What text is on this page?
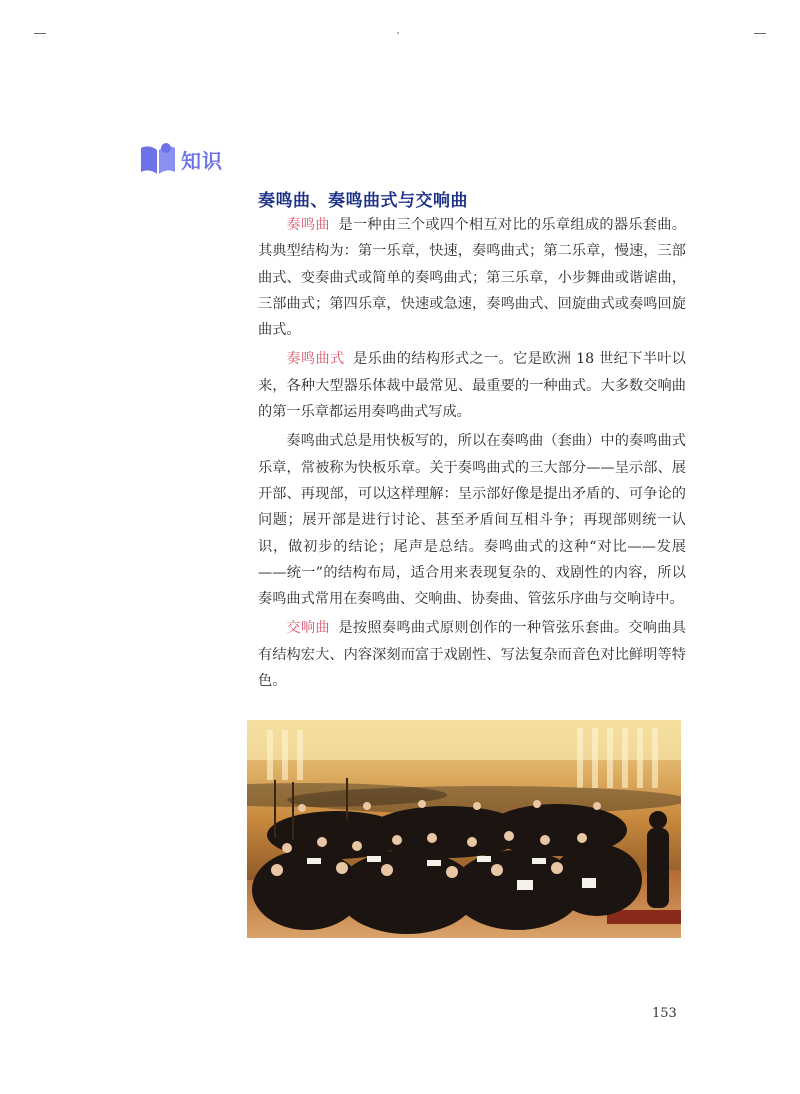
知识
奏鸣曲、奏鸣曲式与交响曲

奏鸣曲 是一种由三个或四个相互对比的乐章组成的器乐套曲。其典型结构为：第一乐章，快速，奏鸣曲式；第二乐章，慢速，三部曲式、变奏曲式或简单的奏鸣曲式；第三乐章，小步舞曲或谐谑曲，三部曲式；第四乐章，快速或急速，奏鸣曲式、回旋曲式或奏鸣回旋曲式。

奏鸣曲式 是乐曲的结构形式之一。它是欧洲 18 世纪下半叶以来，各种大型器乐体裁中最常见、最重要的一种曲式。大多数交响曲的第一乐章都运用奏鸣曲式写成。

奏鸣曲式总是用快板写的，所以在奏鸣曲（套曲）中的奏鸣曲式乐章，常被称为快板乐章。关于奏鸣曲式的三大部分——呈示部、展开部、再现部，可以这样理解：呈示部好像是提出矛盾的、可争论的问题；展开部是进行讨论、甚至矛盾间互相斗争；再现部则统一认识，做初步的结论；尾声是总结。奏鸣曲式的这种“对比——发展——统一”的结构布局，适合用来表现复杂的、戏剧性的内容，所以奏鸣曲式常用在奏鸣曲、交响曲、协奏曲、管弦乐序曲与交响诗中。

交响曲 是按照奏鸣曲式原则创作的一种管弦乐套曲。交响曲具有结构宏大、内容深刻而富于戏剧性、写法复杂而音色对比鲜明等特色。

153
